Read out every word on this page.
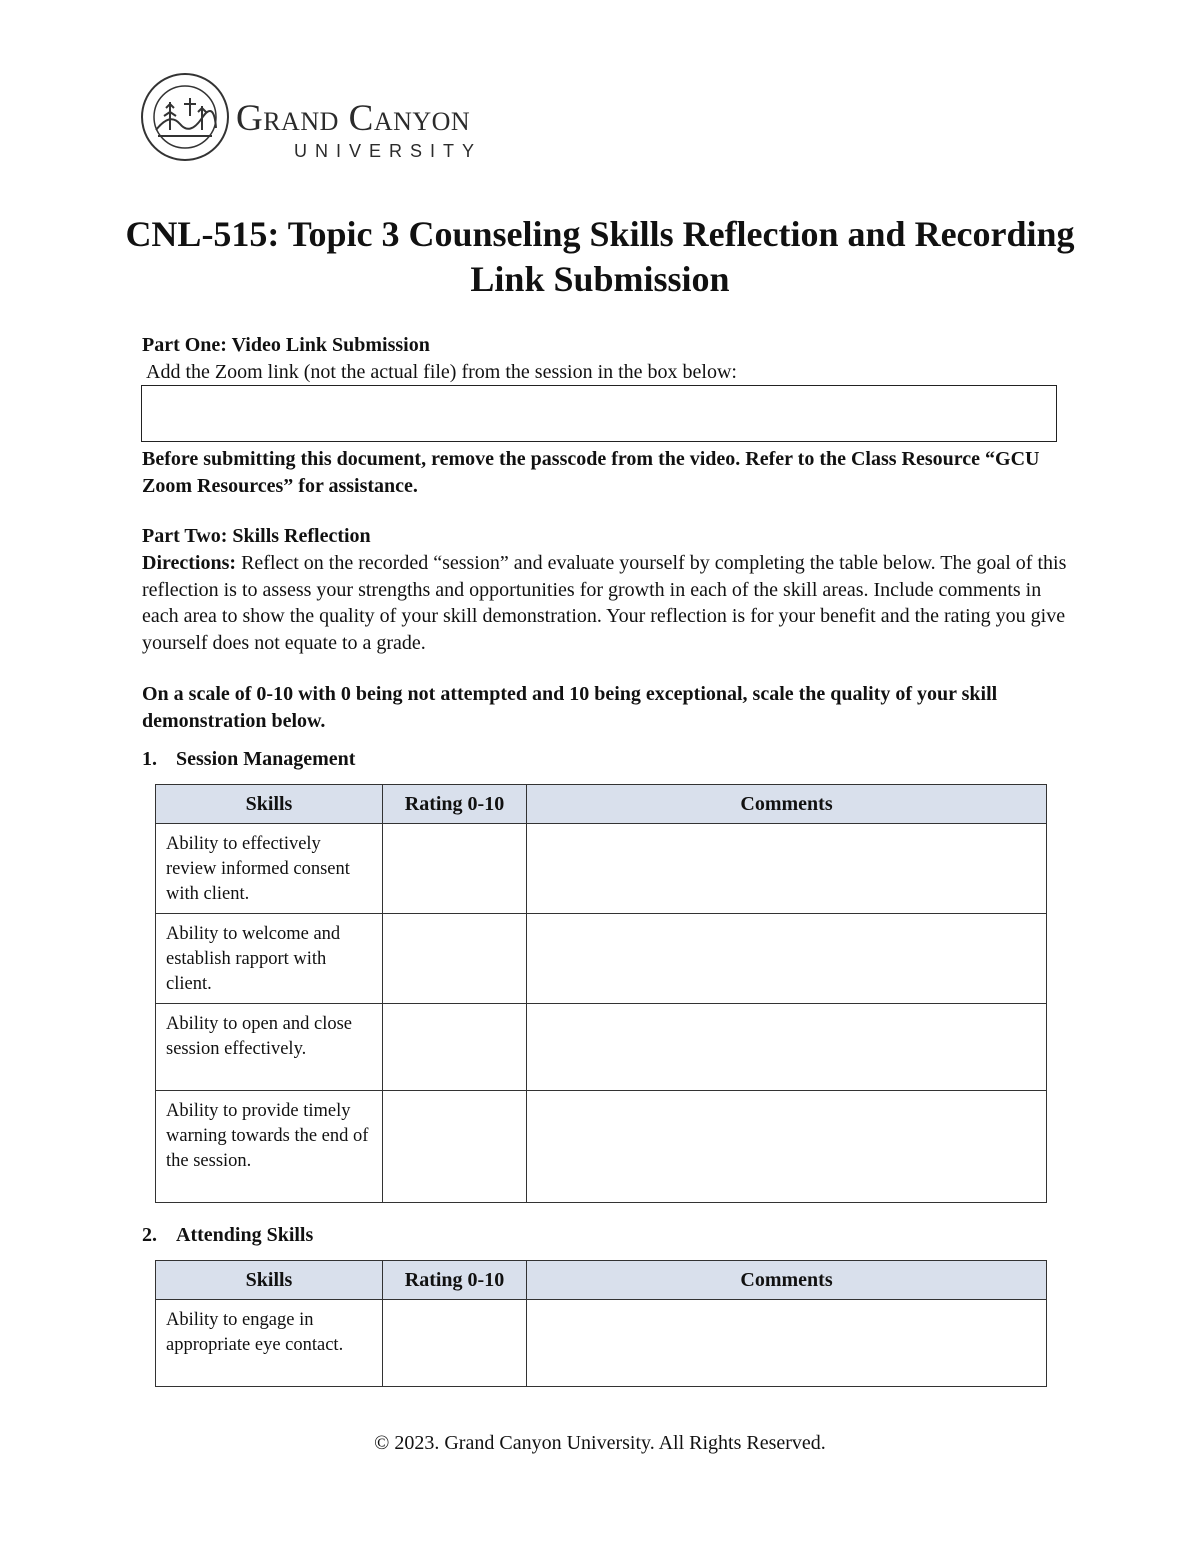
Grand Canyon
UNIVERSITY
CNL-515: Topic 3 Counseling Skills Reflection and Recording Link Submission

Part One: Video Link Submission

Add the Zoom link (not the actual file) from the session in the box below:

Before submitting this document, remove the passcode from the video. Refer to the Class Resource “GCU Zoom Resources” for assistance.

Part Two: Skills Reflection

Directions: Reflect on the recorded “session” and evaluate yourself by completing the table below. The goal of this reflection is to assess your strengths and opportunities for growth in each of the skill areas. Include comments in each area to show the quality of your skill demonstration. Your reflection is for your benefit and the rating you give yourself does not equate to a grade.

On a scale of 0-10 with 0 being not attempted and 10 being exceptional, scale the quality of your skill demonstration below.

1. Session Management

Skills	Rating 0-10	Comments
Ability to effectively review informed consent with client.		
Ability to welcome and establish rapport with client.		
Ability to open and close session effectively.		
Ability to provide timely warning towards the end of the session.		

2. Attending Skills

Skills	Rating 0-10	Comments
Ability to engage in appropriate eye contact.		

© 2023. Grand Canyon University. All Rights Reserved.
